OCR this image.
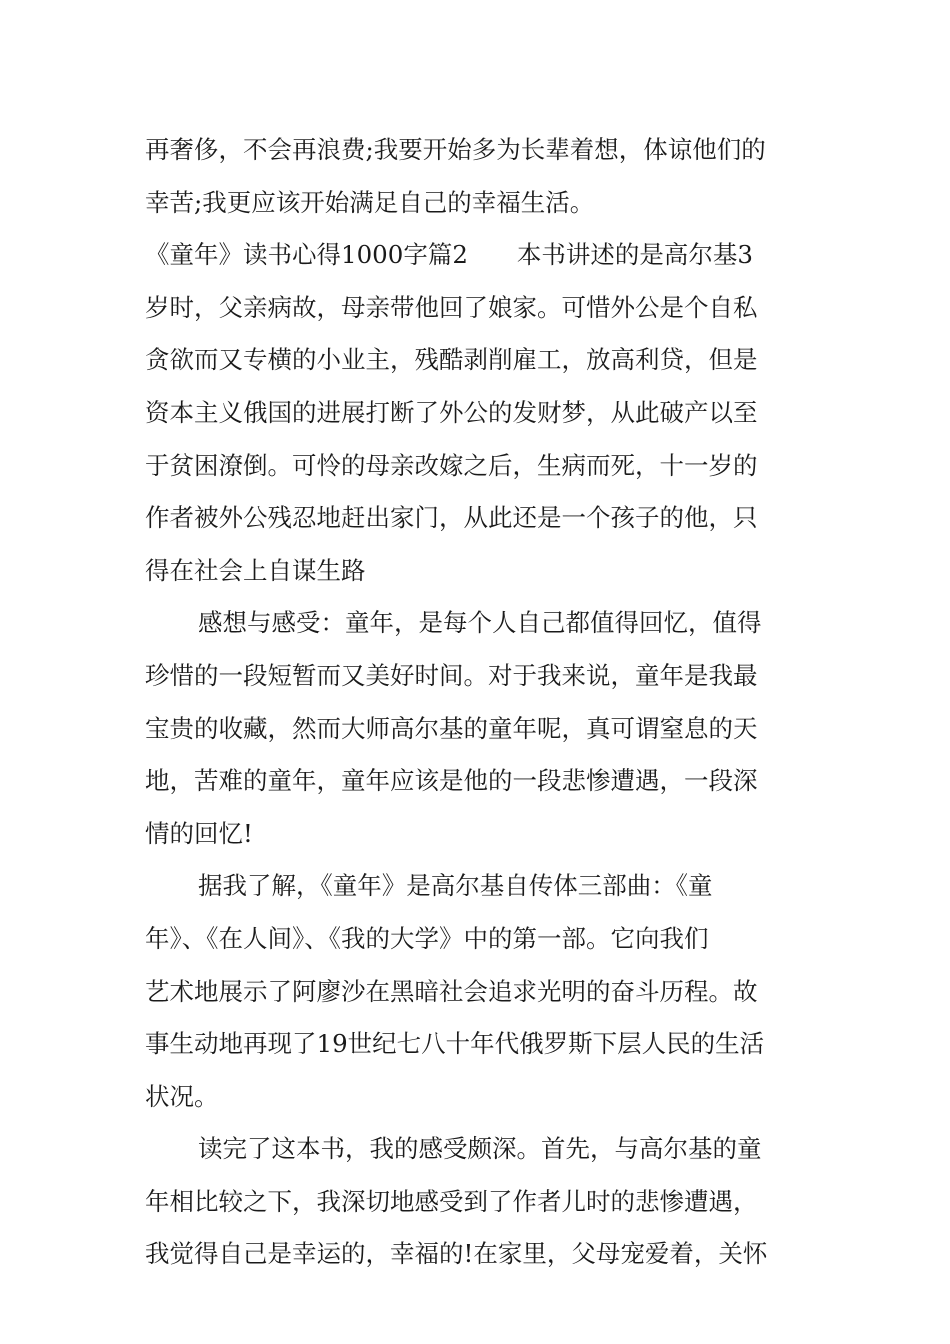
再奢侈，不会再浪费;我要开始多为长辈着想，体谅他们的
幸苦;我更应该开始满足自己的幸福生活。

《童年》读书心得1000字篇2　　本书讲述的是高尔基3
岁时，父亲病故，母亲带他回了娘家。可惜外公是个自私
贪欲而又专横的小业主，残酷剥削雇工，放高利贷，但是
资本主义俄国的进展打断了外公的发财梦，从此破产以至
于贫困潦倒。可怜的母亲改嫁之后，生病而死，十一岁的
作者被外公残忍地赶出家门，从此还是一个孩子的他，只
得在社会上自谋生路

感想与感受：童年，是每个人自己都值得回忆，值得
珍惜的一段短暂而又美好时间。对于我来说，童年是我最
宝贵的收藏，然而大师高尔基的童年呢，真可谓窒息的天
地，苦难的童年，童年应该是他的一段悲惨遭遇，一段深
情的回忆!

据我了解，《童年》是高尔基自传体三部曲：《童
年》、《在人间》、《我的大学》中的第一部。它向我们
艺术地展示了阿廖沙在黑暗社会追求光明的奋斗历程。故
事生动地再现了19世纪七八十年代俄罗斯下层人民的生活
状况。

读完了这本书，我的感受颇深。首先，与高尔基的童
年相比较之下，我深切地感受到了作者儿时的悲惨遭遇，
我觉得自己是幸运的，幸福的!在家里，父母宠爱着，关怀
